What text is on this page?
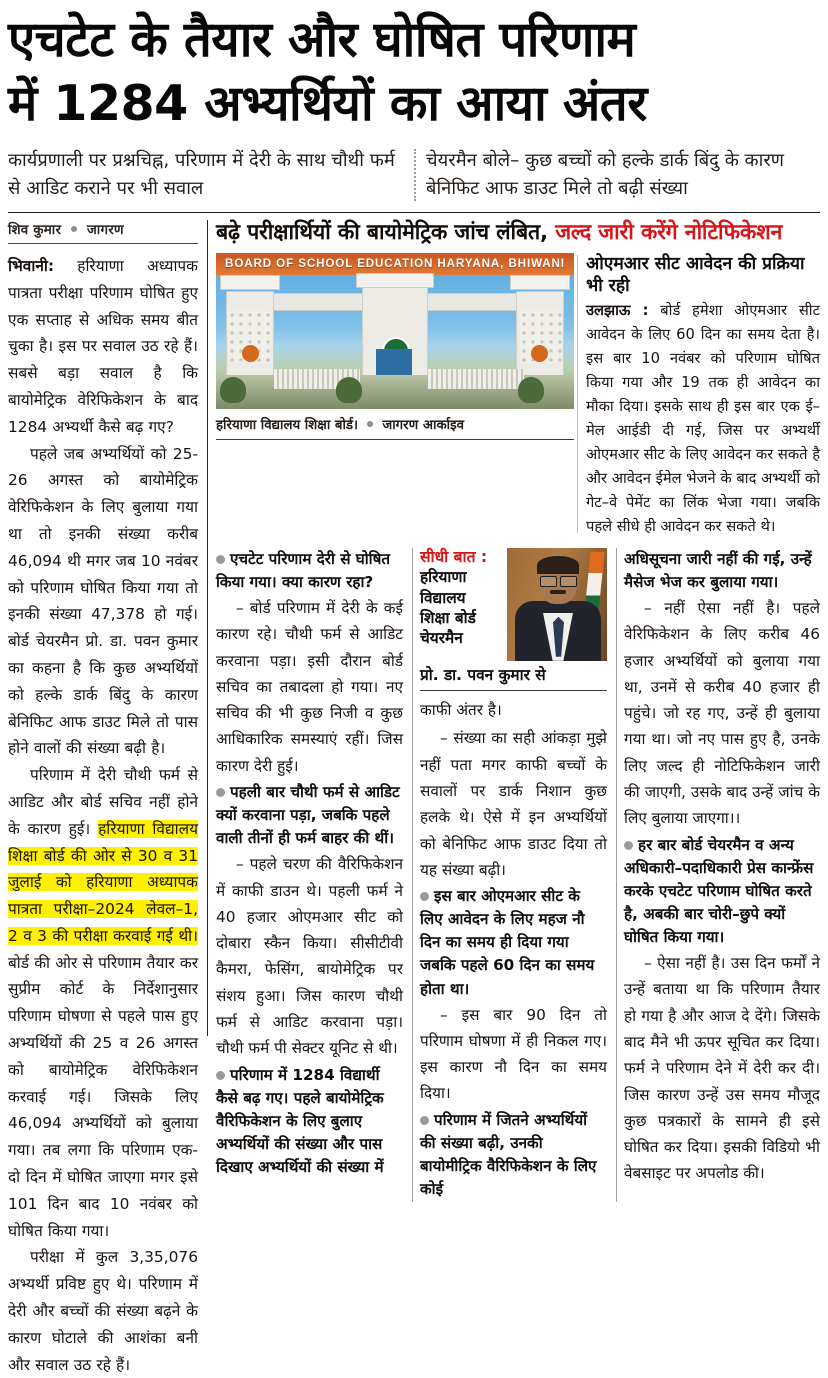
एचटेट के तैयार और घोषित परिणाम
में 1284 अभ्यर्थियों का आया अंतर
कार्यप्रणाली पर प्रश्नचिह्न, परिणाम में देरी के साथ चौथी फर्म से आडिट कराने पर भी सवाल
चेयरमैन बोले– कुछ बच्चों को हल्के डार्क बिंदु के कारण बेनिफिट आफ डाउट मिले तो बढ़ी संख्या
शिव कुमार जागरण

भिवानी: हरियाणा अध्यापक पात्रता परीक्षा परिणाम घोषित हुए एक सप्ताह से अधिक समय बीत चुका है। इस पर सवाल उठ रहे हैं। सबसे बड़ा सवाल है कि बायोमेट्रिक वेरिफिकेशन के बाद 1284 अभ्यर्थी कैसे बढ़ गए?

पहले जब अभ्यर्थियों को 25-26 अगस्त को बायोमेट्रिक वेरिफिकेशन के लिए बुलाया गया था तो इनकी संख्या करीब 46,094 थी मगर जब 10 नवंबर को परिणाम घोषित किया गया तो इनकी संख्या 47,378 हो गई। बोर्ड चेयरमैन प्रो. डा. पवन कुमार का कहना है कि कुछ अभ्यर्थियों को हल्के डार्क बिंदु के कारण बेनिफिट आफ डाउट मिले तो पास होने वालों की संख्या बढ़ी है।

परिणाम में देरी चौथी फर्म से आडिट और बोर्ड सचिव नहीं होने के कारण हुई। हरियाणा विद्यालय शिक्षा बोर्ड की ओर से 30 व 31 जुलाई को हरियाणा अध्यापक पात्रता परीक्षा–2024 लेवल–1, 2 व 3 की परीक्षा करवाई गई थी। बोर्ड की ओर से परिणाम तैयार कर सुप्रीम कोर्ट के निर्देशानुसार परिणाम घोषणा से पहले पास हुए अभ्यर्थियों की 25 व 26 अगस्त को बायोमेट्रिक वेरिफिकेशन करवाई गई। जिसके लिए 46,094 अभ्यर्थियों को बुलाया गया। तब लगा कि परिणाम एक-दो दिन में घोषित जाएगा मगर इसे 101 दिन बाद 10 नवंबर को घोषित किया गया।

परीक्षा में कुल 3,35,076 अभ्यर्थी प्रविष्ट हुए थे। परिणाम में देरी और बच्चों की संख्या बढ़ने के कारण घोटाले की आशंका बनी और सवाल उठ रहे हैं।

बढ़े परीक्षार्थियों की बायोमेट्रिक जांच लंबित, जल्द जारी करेंगे नोटिफिकेशन
BOARD OF SCHOOL EDUCATION HARYANA, BHIWANI
हरियाणा विद्यालय शिक्षा बोर्ड। जागरण आर्काइव
ओएमआर सीट आवेदन की प्रक्रिया भी रही
उलझाऊ : बोर्ड हमेशा ओएमआर सीट आवेदन के लिए 60 दिन का समय देता है। इस बार 10 नवंबर को परिणाम घोषित किया गया और 19 तक ही आवेदन का मौका दिया। इसके साथ ही इस बार एक ई–मेल आईडी दी गई, जिस पर अभ्यर्थी ओएमआर सीट के लिए आवेदन कर सकते है और आवेदन ईमेल भेजने के बाद अभ्यर्थी को गेट–वे पेमेंट का लिंक भेजा गया। जबकि पहले सीधे ही आवेदन कर सकते थे।
एचटेट परिणाम देरी से घोषित किया गया। क्या कारण रहा?
– बोर्ड परिणाम में देरी के कई कारण रहे। चौथी फर्म से आडिट करवाना पड़ा। इसी दौरान बोर्ड सचिव का तबादला हो गया। नए सचिव की भी कुछ निजी व कुछ आधिकारिक समस्याएं रहीं। जिस कारण देरी हुई।
पहली बार चौथी फर्म से आडिट क्यों करवाना पड़ा, जबकि पहले वाली तीनों ही फर्म बाहर की थीं।
– पहले चरण की वैरिफिकेशन में काफी डाउन थे। पहली फर्म ने 40 हजार ओएमआर सीट को दोबारा स्कैन किया। सीसीटीवी कैमरा, फेसिंग, बायोमेट्रिक पर संशय हुआ। जिस कारण चौथी फर्म से आडिट करवाना पड़ा। चौथी फर्म पी सेक्टर यूनिट से थी।
परिणाम में 1284 विद्यार्थी कैसे बढ़ गए। पहले बायोमेट्रिक वैरिफिकेशन के लिए बुलाए अभ्यर्थियों की संख्या और पास दिखाए अभ्यर्थियों की संख्या में
सीधी बात :
हरियाणा
विद्यालय
शिक्षा बोर्ड
चेयरमैन
प्रो. डा. पवन कुमार से
काफी अंतर है।
– संख्या का सही आंकड़ा मुझे नहीं पता मगर काफी बच्चों के सवालों पर डार्क निशान कुछ हलके थे। ऐसे में इन अभ्यर्थियों को बेनिफिट आफ डाउट दिया तो यह संख्या बढ़ी।
इस बार ओएमआर सीट के लिए आवेदन के लिए महज नौ दिन का समय ही दिया गया जबकि पहले 60 दिन का समय होता था।
– इस बार 90 दिन तो परिणाम घोषणा में ही निकल गए। इस कारण नौ दिन का समय दिया।
परिणाम में जितने अभ्यर्थियों की संख्या बढ़ी, उनकी बायोमीट्रिक वैरिफिकेशन के लिए कोई
अधिसूचना जारी नहीं की गई, उन्हें मैसेज भेज कर बुलाया गया।
– नहीं ऐसा नहीं है। पहले वेरिफिकेशन के लिए करीब 46 हजार अभ्यर्थियों को बुलाया गया था, उनमें से करीब 40 हजार ही पहुंचे। जो रह गए, उन्हें ही बुलाया गया था। जो नए पास हुए है, उनके लिए जल्द ही नोटिफिकेशन जारी की जाएगी, उसके बाद उन्हें जांच के लिए बुलाया जाएगा।।
हर बार बोर्ड चेयरमैन व अन्य अधिकारी–पदाधिकारी प्रेस कान्फ्रेंस करके एचटेट परिणाम घोषित करते है, अबकी बार चोरी–छुपे क्यों घोषित किया गया।
– ऐसा नहीं है। उस दिन फर्मों ने उन्हें बताया था कि परिणाम तैयार हो गया है और आज दे देंगे। जिसके बाद मैने भी ऊपर सूचित कर दिया। फर्म ने परिणाम देने में देरी कर दी। जिस कारण उन्हें उस समय मौजूद कुछ पत्रकारों के सामने ही इसे घोषित कर दिया। इसकी विडियो भी वेबसाइट पर अपलोड की।
